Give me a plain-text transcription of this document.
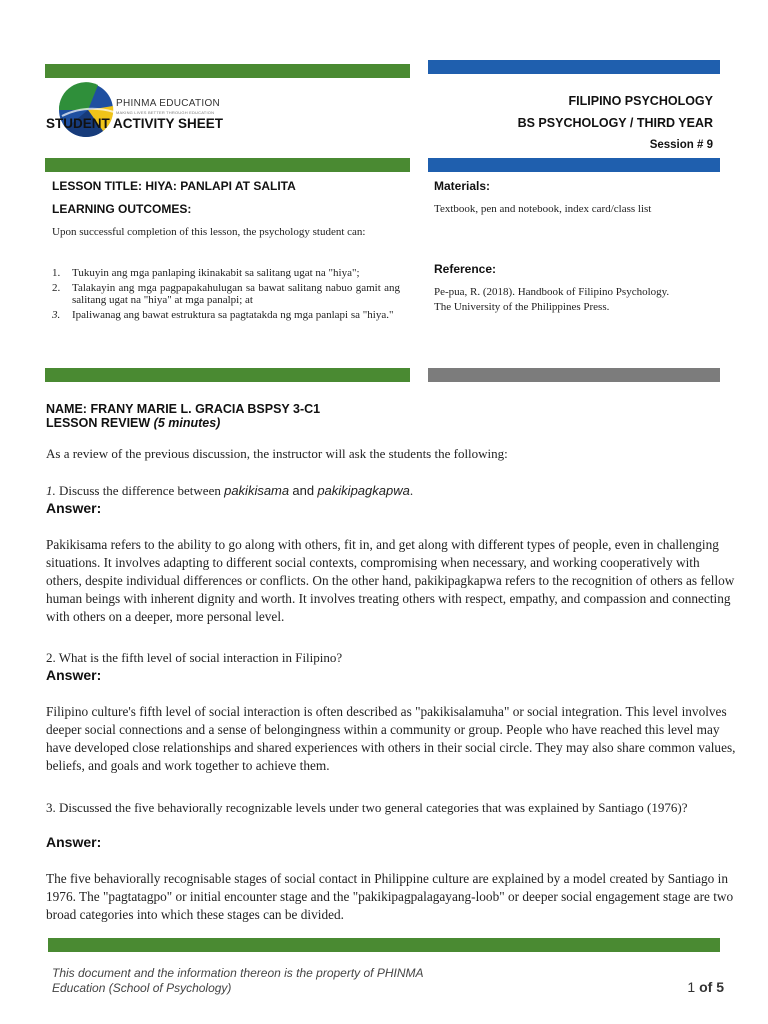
PHINMA EDUCATION
MAKING LIVES BETTER THROUGH EDUCATION
STUDENT ACTIVITY SHEET
FILIPINO PSYCHOLOGY
BS PSYCHOLOGY / THIRD YEAR
Session # 9
LESSON TITLE: HIYA: PANLAPI AT SALITA
LEARNING OUTCOMES:
Upon successful completion of this lesson, the psychology student can:
1. Tukuyin ang mga panlaping ikinakabit sa salitang ugat na "hiya";
2. Talakayin ang mga pagpapakahulugan sa bawat salitang nabuo gamit ang salitang ugat na "hiya" at mga panalpi; at
3. Ipaliwanag ang bawat estruktura sa pagtatakda ng mga panlapi sa "hiya."
Materials:
Textbook, pen and notebook, index card/class list
Reference:
Pe-pua, R. (2018). Handbook of Filipino Psychology. The University of the Philippines Press.
NAME: FRANY MARIE L. GRACIA BSPSY 3-C1
LESSON REVIEW (5 minutes)
As a review of the previous discussion, the instructor will ask the students the following:
1. Discuss the difference between pakikisama and pakikipagkapwa.
Answer:
Pakikisama refers to the ability to go along with others, fit in, and get along with different types of people, even in challenging situations. It involves adapting to different social contexts, compromising when necessary, and working cooperatively with others, despite individual differences or conflicts. On the other hand, pakikipagkapwa refers to the recognition of others as fellow human beings with inherent dignity and worth. It involves treating others with respect, empathy, and compassion and connecting with others on a deeper, more personal level.
2. What is the fifth level of social interaction in Filipino?
Answer:
Filipino culture's fifth level of social interaction is often described as "pakikisalamuha" or social integration. This level involves deeper social connections and a sense of belongingness within a community or group. People who have reached this level may have developed close relationships and shared experiences with others in their social circle. They may also share common values, beliefs, and goals and work together to achieve them.
3. Discussed the five behaviorally recognizable levels under two general categories that was explained by Santiago (1976)?
Answer:
The five behaviorally recognisable stages of social contact in Philippine culture are explained by a model created by Santiago in 1976. The "pagtatagpo" or initial encounter stage and the "pakikipagpalagayang-loob" or deeper social engagement stage are two broad categories into which these stages can be divided.
This document and the information thereon is the property of PHINMA Education (School of Psychology)	1 of 5
